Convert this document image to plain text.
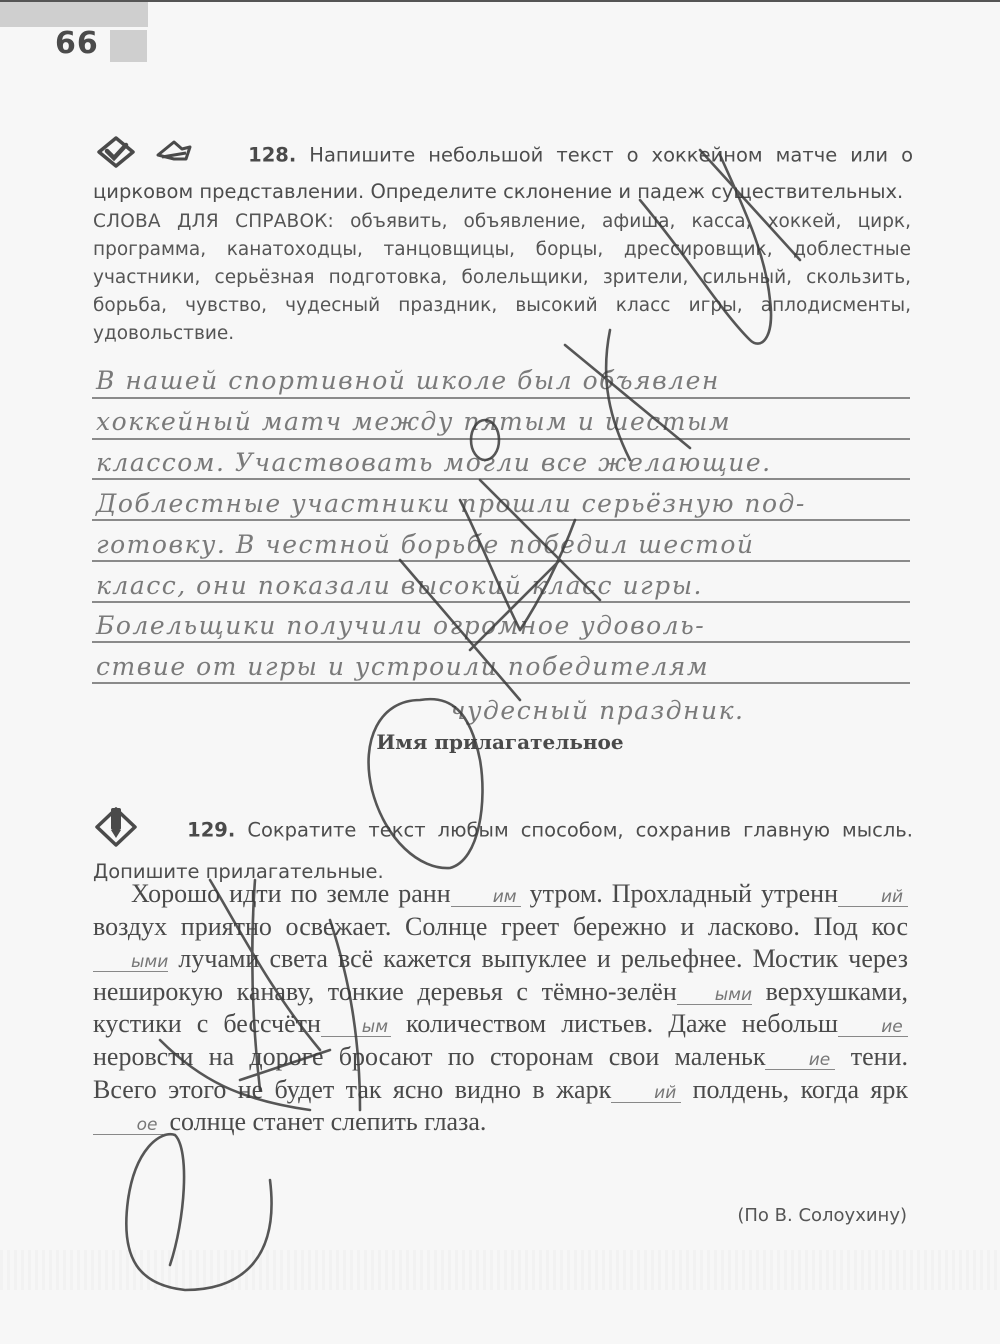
66
128. Напишите небольшой текст о хоккейном матче или о цирковом представлении. Определите склонение и падеж существительных.
СЛОВА ДЛЯ СПРАВОК: объявить, объявление, афиша, касса, хоккей, цирк, программа, канатоходцы, танцовщицы, борцы, дрессировщик, доблестные участники, серьёзная подготовка, болельщики, зрители, сильный, скользить, борьба, чувство, чудесный праздник, высокий класс игры, аплодисменты, удовольствие.
В нашей спортивной школе был объявлен
хоккейный матч между пятым и шестым
классом. Участвовать могли все желающие.
Доблестные участники прошли серьёзную под-
готовку. В честной борьбе победил шестой
класс, они показали высокий класс игры.
Болельщики получили огромное удоволь-
ствие от игры и устроили победителям
чудесный праздник.
Имя прилагательное
129. Сократите текст любым способом, сохранив главную мысль. Допишите прилагательные.

Хорошо идти по земле ранн им утром. Прохладный утренн	ий воздух приятно освежает. Солнце греет бережно и ласково. Под косыми лучами света всё кажется выпуклее и рельефнее. Мостик через неширокую канаву, тонкие деревья с тёмно-зелён ыми верхушками, кустики с бессчётн ым количеством листьев. Даже небольш	ие неровсти на дороге бросают по сторонам свои маленьк	ие тени. Всего этого не будет так ясно видно в жарк	ий полдень, когда яркое солнце станет слепить глаза.

(По В. Солоухину)
